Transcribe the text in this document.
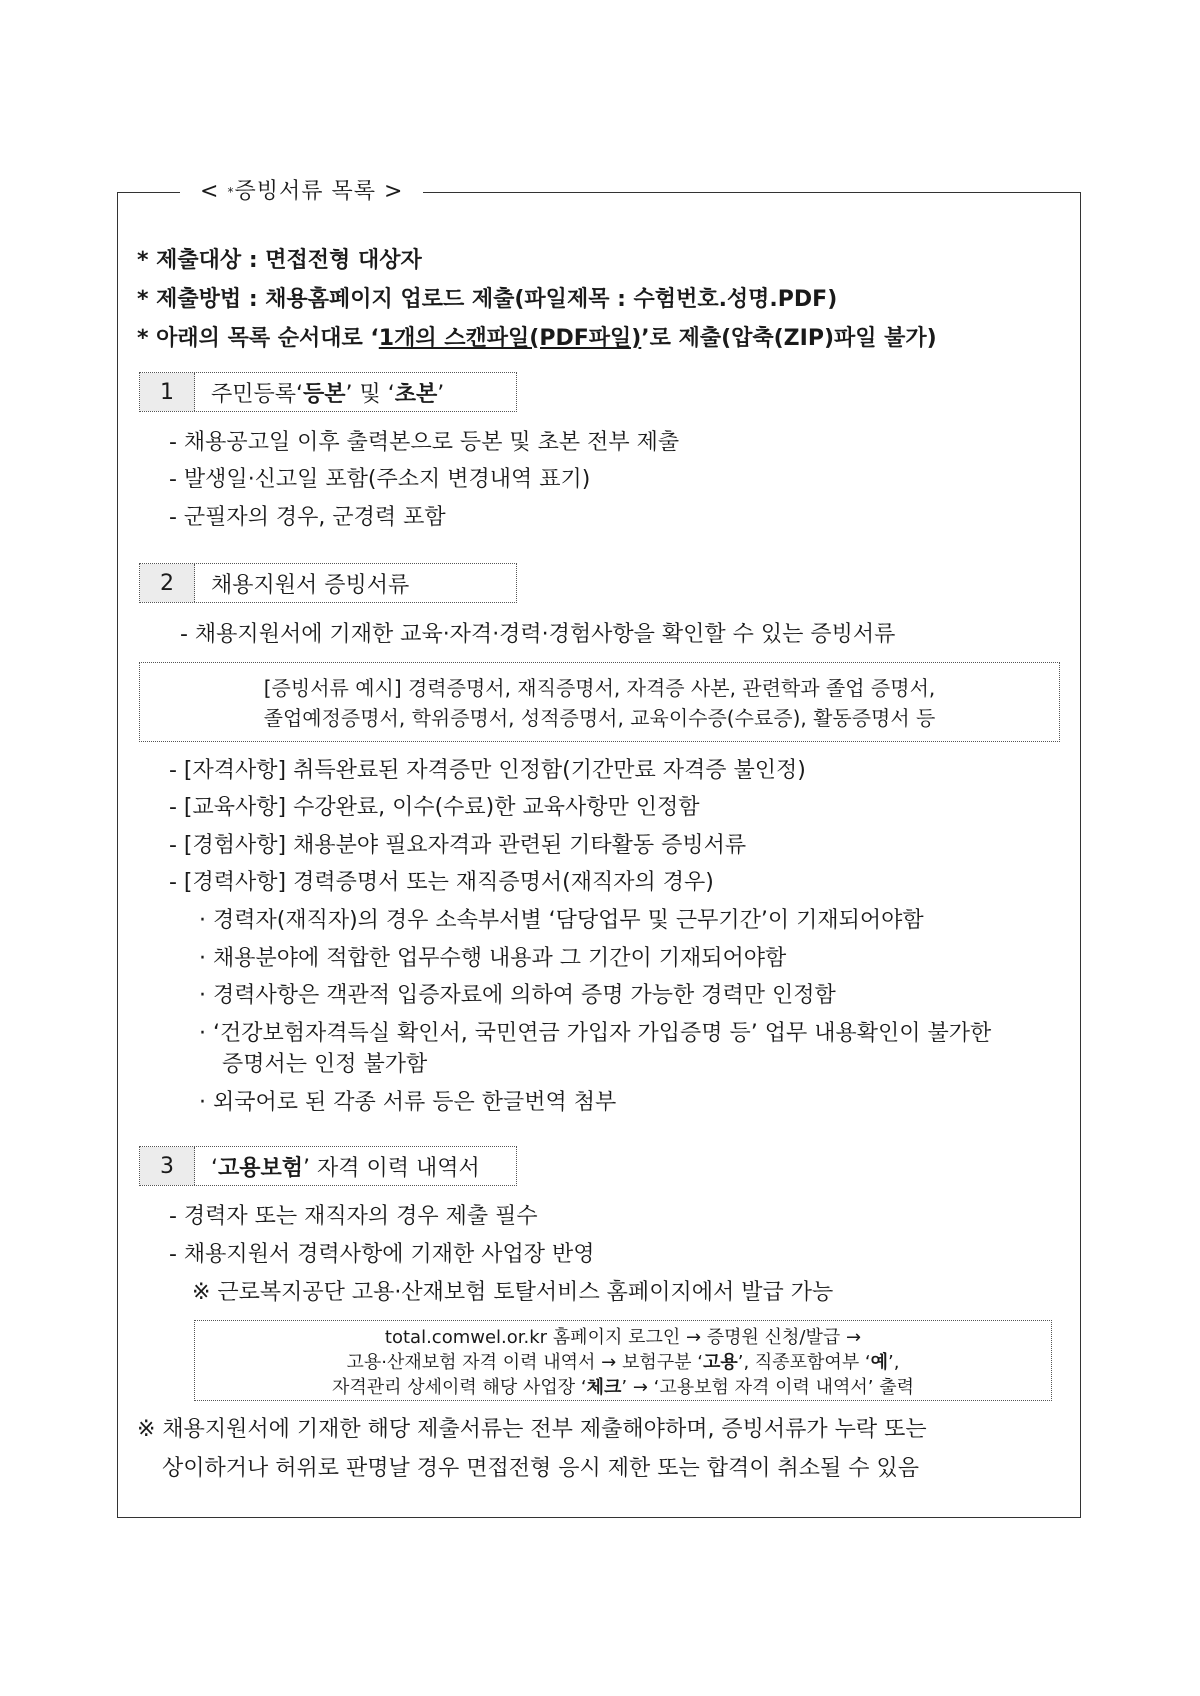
< *증빙서류 목록 >
* 제출대상 : 면접전형 대상자
* 제출방법 : 채용홈페이지 업로드 제출(파일제목 : 수험번호.성명.PDF)
* 아래의 목록 순서대로 ‘1개의 스캔파일(PDF파일)’로 제출(압축(ZIP)파일 불가)
1	주민등록‘등본’ 및 ‘초본’
- 채용공고일 이후 출력본으로 등본 및 초본 전부 제출
- 발생일·신고일 포함(주소지 변경내역 표기)
- 군필자의 경우, 군경력 포함
2	채용지원서 증빙서류
- 채용지원서에 기재한 교육·자격·경력·경험사항을 확인할 수 있는 증빙서류
[증빙서류 예시] 경력증명서, 재직증명서, 자격증 사본, 관련학과 졸업 증명서,
졸업예정증명서, 학위증명서, 성적증명서, 교육이수증(수료증), 활동증명서 등
- [자격사항] 취득완료된 자격증만 인정함(기간만료 자격증 불인정)
- [교육사항] 수강완료, 이수(수료)한 교육사항만 인정함
- [경험사항] 채용분야 필요자격과 관련된 기타활동 증빙서류
- [경력사항] 경력증명서 또는 재직증명서(재직자의 경우)
· 경력자(재직자)의 경우 소속부서별 ‘담당업무 및 근무기간’이 기재되어야함
· 채용분야에 적합한 업무수행 내용과 그 기간이 기재되어야함
· 경력사항은 객관적 입증자료에 의하여 증명 가능한 경력만 인정함
· ‘건강보험자격득실 확인서, 국민연금 가입자 가입증명 등’ 업무 내용확인이 불가한
증명서는 인정 불가함
· 외국어로 된 각종 서류 등은 한글번역 첨부
3	‘고용보험’ 자격 이력 내역서
- 경력자 또는 재직자의 경우 제출 필수
- 채용지원서 경력사항에 기재한 사업장 반영
※ 근로복지공단 고용·산재보험 토탈서비스 홈페이지에서 발급 가능
total.comwel.or.kr 홈페이지 로그인 → 증명원 신청/발급 →
고용·산재보험 자격 이력 내역서 → 보험구분 ‘고용’, 직종포함여부 ‘예’,
자격관리 상세이력 해당 사업장 ‘체크’ → ‘고용보험 자격 이력 내역서’ 출력
※ 채용지원서에 기재한 해당 제출서류는 전부 제출해야하며, 증빙서류가 누락 또는
상이하거나 허위로 판명날 경우 면접전형 응시 제한 또는 합격이 취소될 수 있음
